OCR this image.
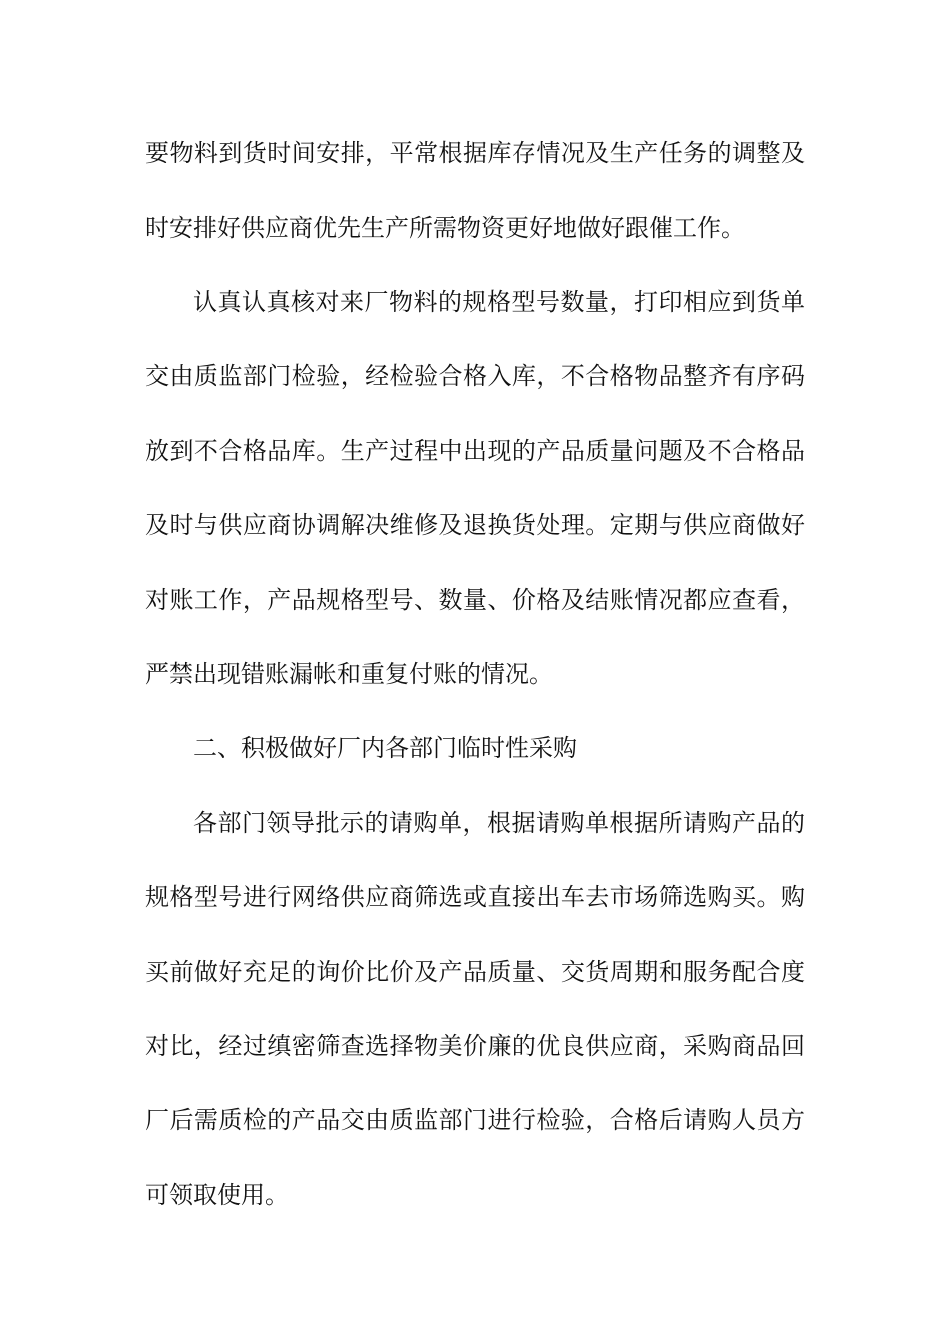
要物料到货时间安排，平常根据库存情况及生产任务的调整及
时安排好供应商优先生产所需物资更好地做好跟催工作。
认真认真核对来厂物料的规格型号数量，打印相应到货单
交由质监部门检验，经检验合格入库，不合格物品整齐有序码
放到不合格品库。生产过程中出现的产品质量问题及不合格品
及时与供应商协调解决维修及退换货处理。定期与供应商做好
对账工作，产品规格型号、数量、价格及结账情况都应查看，
严禁出现错账漏帐和重复付账的情况。
二、积极做好厂内各部门临时性采购
各部门领导批示的请购单，根据请购单根据所请购产品的
规格型号进行网络供应商筛选或直接出车去市场筛选购买。购
买前做好充足的询价比价及产品质量、交货周期和服务配合度
对比，经过缜密筛查选择物美价廉的优良供应商，采购商品回
厂后需质检的产品交由质监部门进行检验，合格后请购人员方
可领取使用。
